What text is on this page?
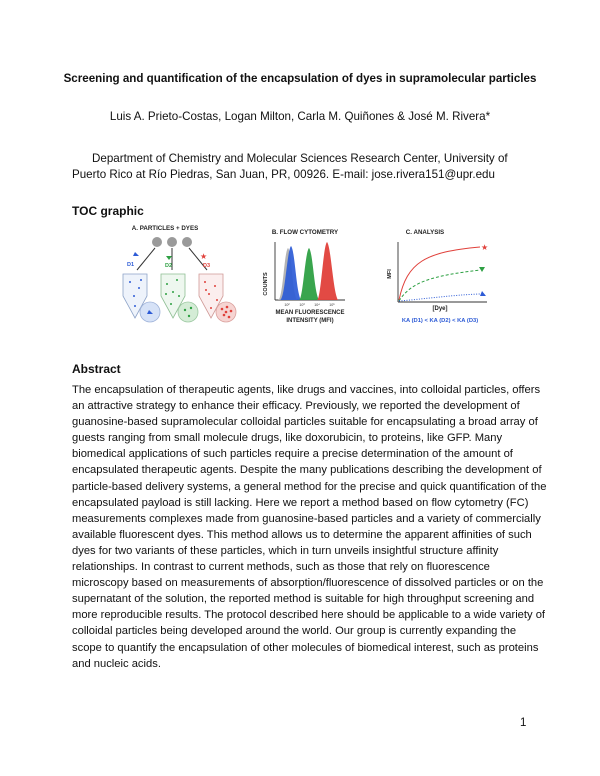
Screening and quantification of the encapsulation of dyes in supramolecular particles
Luis A. Prieto-Costas, Logan Milton, Carla M. Quiñones & José M. Rivera*
Department of Chemistry and Molecular Sciences Research Center, University of Puerto Rico at Río Piedras, San Juan, PR, 00926. E-mail: jose.rivera151@upr.edu
TOC graphic
A. PARTICLES + DYES
D1	D2
★
D3
B. FLOW CYTOMETRY
COUNTS
10²	10³	10⁴	10⁵
MEAN FLUORESCENCE
INTENSITY (MFI)
C. ANALYSIS
MFI
★
[Dye]
KA (D1) < KA (D2) < KA (D3)
Abstract

The encapsulation of therapeutic agents, like drugs and vaccines, into colloidal particles, offers an attractive strategy to enhance their efficacy. Previously, we reported the development of guanosine-based supramolecular colloidal particles suitable for encapsulating a broad array of guests ranging from small molecule drugs, like doxorubicin, to proteins, like GFP. Many biomedical applications of such particles require a precise determination of the amount of encapsulated therapeutic agents. Despite the many publications describing the development of particle-based delivery systems, a general method for the precise and quick quantification of the encapsulated payload is still lacking. Here we report a method based on flow cytometry (FC) measurements complexes made from guanosine-based particles and a variety of commercially available fluorescent dyes. This method allows us to determine the apparent affinities of such dyes for two variants of these particles, which in turn unveils insightful structure affinity relationships. In contrast to current methods, such as those that rely on fluorescence microscopy based on measurements of absorption/fluorescence of dissolved particles or on the supernatant of the solution, the reported method is suitable for high throughput screening and more reproducible results. The protocol described here should be applicable to a wide variety of colloidal particles being developed around the world. Our group is currently expanding the scope to quantify the encapsulation of other molecules of biomedical interest, such as proteins and nucleic acids.

1
